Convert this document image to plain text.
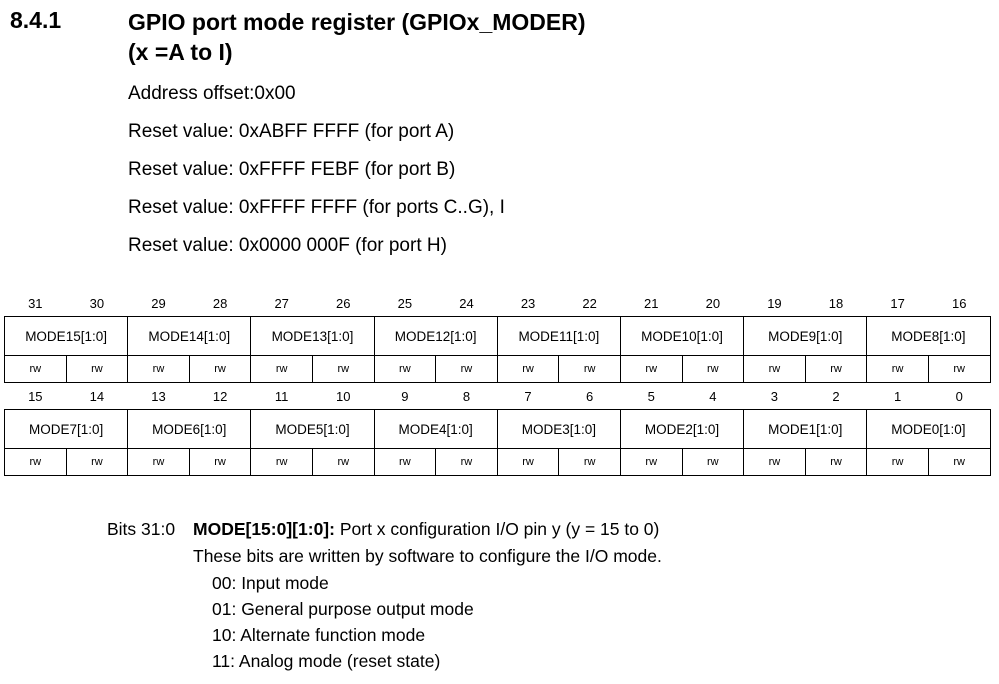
8.4.1	GPIO port mode register (GPIOx_MODER)
(x =A to I)
Address offset:0x00
Reset value: 0xABFF FFFF (for port A)
Reset value: 0xFFFF FEBF (for port B)
Reset value: 0xFFFF FFFF (for ports C..G), I
Reset value: 0x0000 000F (for port H)
31	30	29	28	27	26	25	24	23	22	21	20	19	18	17	16
MODE15[1:0]		MODE14[1:0]		MODE13[1:0]		MODE12[1:0]		MODE11[1:0]		MODE10[1:0]		MODE9[1:0]		MODE8[1:0]	
rw	rw	rw	rw	rw	rw	rw	rw	rw	rw	rw	rw	rw	rw	rw	rw
15	14	13	12	11	10	9	8	7	6	5	4	3	2	1	0
MODE7[1:0]		MODE6[1:0]		MODE5[1:0]		MODE4[1:0]		MODE3[1:0]		MODE2[1:0]		MODE1[1:0]		MODE0[1:0]	
rw	rw	rw	rw	rw	rw	rw	rw	rw	rw	rw	rw	rw	rw	rw	rw
Bits 31:0 MODE[15:0][1:0]: Port x configuration I/O pin y (y = 15 to 0)
These bits are written by software to configure the I/O mode.
00: Input mode
01: General purpose output mode
10: Alternate function mode
11: Analog mode (reset state)
